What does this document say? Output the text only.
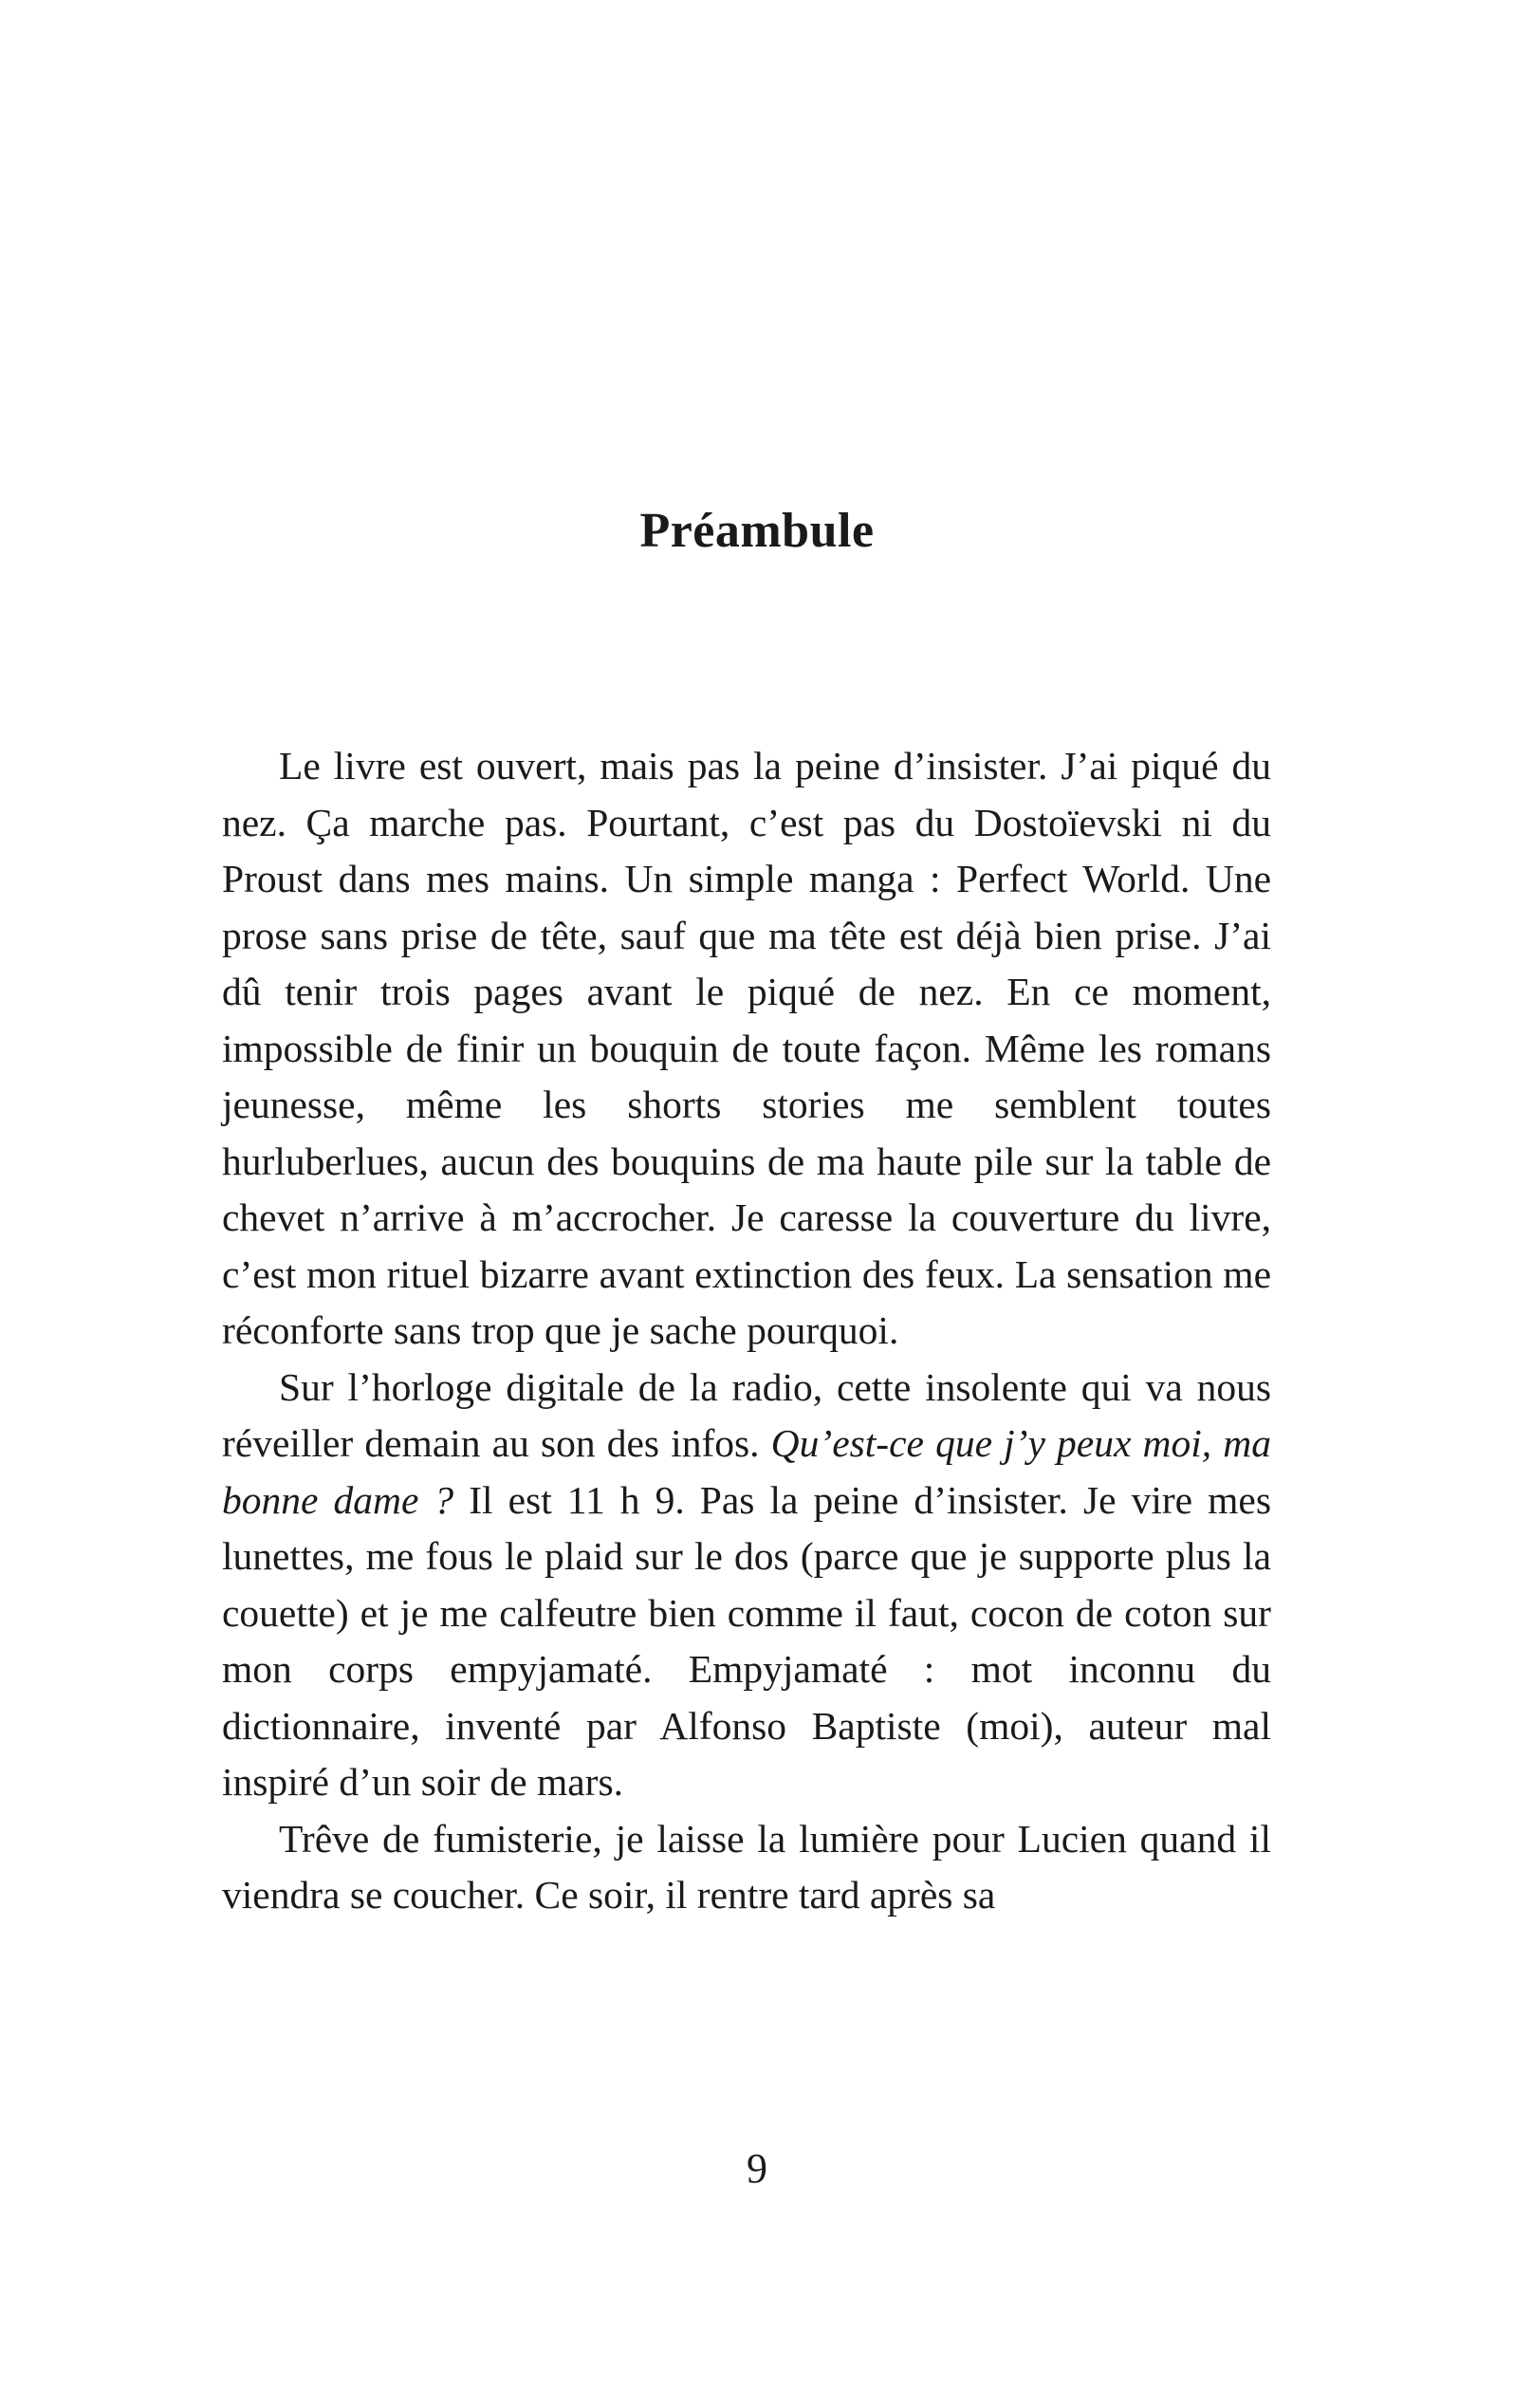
Préambule

Le livre est ouvert, mais pas la peine d’insister. J’ai piqué du nez. Ça marche pas. Pourtant, c’est pas du Dostoïevski ni du Proust dans mes mains. Un simple manga : Perfect World. Une prose sans prise de tête, sauf que ma tête est déjà bien prise. J’ai dû tenir trois pages avant le piqué de nez. En ce moment, impossible de finir un bouquin de toute façon. Même les romans jeunesse, même les shorts stories me semblent toutes hurluberlues, aucun des bouquins de ma haute pile sur la table de chevet n’arrive à m’accrocher. Je caresse la couverture du livre, c’est mon rituel bizarre avant extinction des feux. La sensation me réconforte sans trop que je sache pourquoi.

Sur l’horloge digitale de la radio, cette insolente qui va nous réveiller demain au son des infos. Qu’est-ce que j’y peux moi, ma bonne dame ? Il est 11 h 9. Pas la peine d’insister. Je vire mes lunettes, me fous le plaid sur le dos (parce que je supporte plus la couette) et je me calfeutre bien comme il faut, cocon de coton sur mon corps empyjamaté. Empyjamaté : mot inconnu du dictionnaire, inventé par Alfonso Baptiste (moi), auteur mal inspiré d’un soir de mars.

Trêve de fumisterie, je laisse la lumière pour Lucien quand il viendra se coucher. Ce soir, il rentre tard après sa

9
